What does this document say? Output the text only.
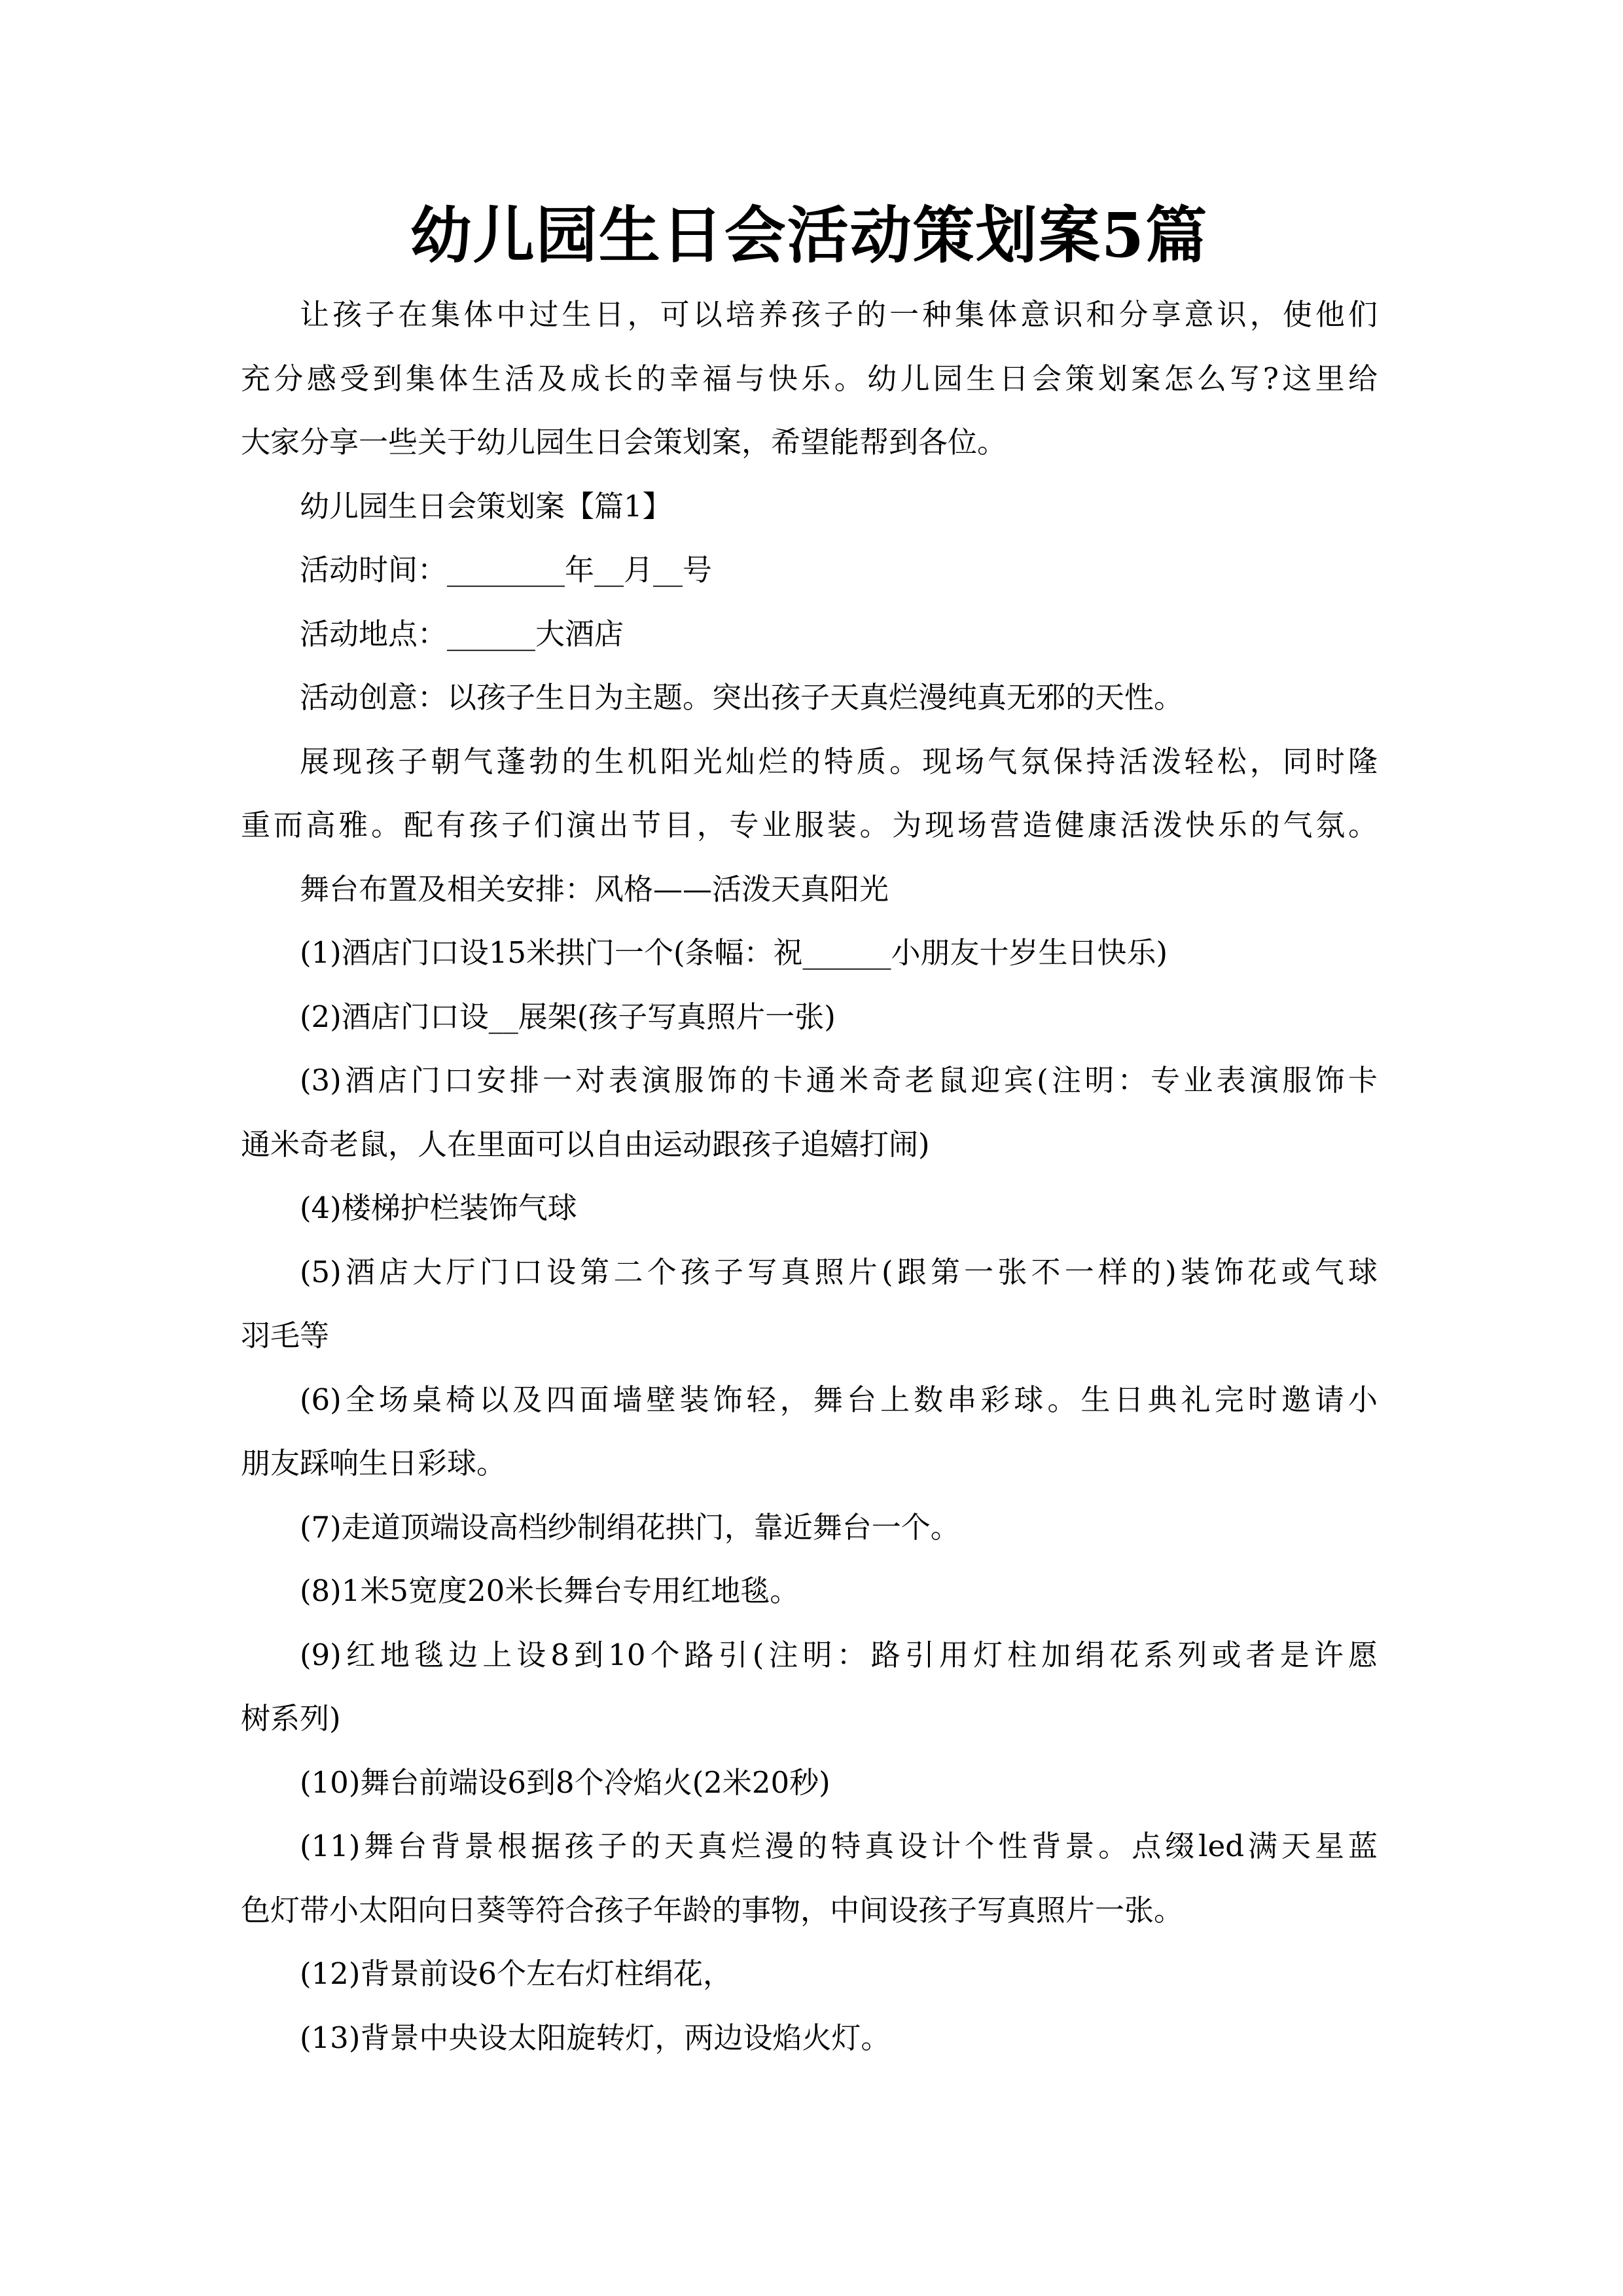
幼儿园生日会活动策划案5篇
让孩子在集体中过生日，可以培养孩子的一种集体意识和分享意识，使他们
充分感受到集体生活及成长的幸福与快乐。幼儿园生日会策划案怎么写?这里给
大家分享一些关于幼儿园生日会策划案，希望能帮到各位。
幼儿园生日会策划案【篇1】
活动时间：________年__月__号
活动地点：______大酒店
活动创意：以孩子生日为主题。突出孩子天真烂漫纯真无邪的天性。
展现孩子朝气蓬勃的生机阳光灿烂的特质。现场气氛保持活泼轻松，同时隆
重而高雅。配有孩子们演出节目，专业服装。为现场营造健康活泼快乐的气氛。
舞台布置及相关安排：风格——活泼天真阳光
(1)酒店门口设15米拱门一个(条幅：祝______小朋友十岁生日快乐)
(2)酒店门口设__展架(孩子写真照片一张)
(3)酒店门口安排一对表演服饰的卡通米奇老鼠迎宾(注明：专业表演服饰卡
通米奇老鼠，人在里面可以自由运动跟孩子追嬉打闹)
(4)楼梯护栏装饰气球
(5)酒店大厅门口设第二个孩子写真照片(跟第一张不一样的)装饰花或气球
羽毛等
(6)全场桌椅以及四面墙壁装饰轻，舞台上数串彩球。生日典礼完时邀请小
朋友踩响生日彩球。
(7)走道顶端设高档纱制绢花拱门，靠近舞台一个。
(8)1米5宽度20米长舞台专用红地毯。
(9)红地毯边上设8到10个路引(注明：路引用灯柱加绢花系列或者是许愿
树系列)
(10)舞台前端设6到8个冷焰火(2米20秒)
(11)舞台背景根据孩子的天真烂漫的特真设计个性背景。点缀led满天星蓝
色灯带小太阳向日葵等符合孩子年龄的事物，中间设孩子写真照片一张。
(12)背景前设6个左右灯柱绢花，
(13)背景中央设太阳旋转灯，两边设焰火灯。
